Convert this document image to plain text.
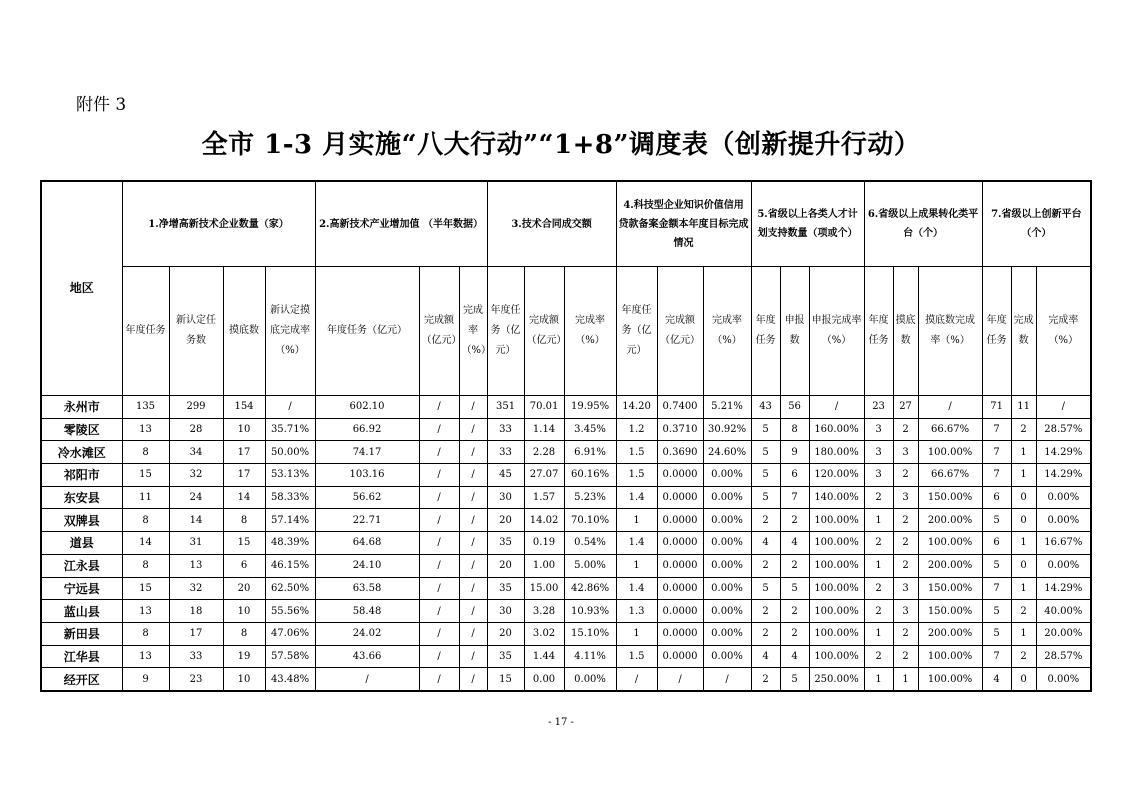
附件 3
全市 1-3 月实施“八大行动”“1+8”调度表（创新提升行动）
地区	1.净增高新技术企业数量（家）				2.高新技术产业增加值 （半年数据）			3.技术合同成交额			4.科技型企业知识价值信用贷款备案金额本年度目标完成情况			5.省级以上各类人才计划支持数量（项或个）			6.省级以上成果转化类平台（个）			7.省级以上创新平台（个）		

	年度任务	新认定任务数	摸底数	新认定摸底完成率（%）	年度任务（亿元）	完成额（亿元）	完成率（%）	年度任务（亿元）	完成额（亿元）	完成率（%）	年度任务（亿元）	完成额（亿元）	完成率（%）	年度任务	申报数	申报完成率（%）	年度任务	摸底数	摸底数完成率（%）	年度任务	完成数	完成率（%）

永州市	135	299	154	/	602.10	/	/	351	70.01	19.95%	14.20	0.7400	5.21%	43	56	/	23	27	/	71	11	/
零陵区	13	28	10	35.71%	66.92	/	/	33	1.14	3.45%	1.2	0.3710	30.92%	5	8	160.00%	3	2	66.67%	7	2	28.57%
冷水滩区	8	34	17	50.00%	74.17	/	/	33	2.28	6.91%	1.5	0.3690	24.60%	5	9	180.00%	3	3	100.00%	7	1	14.29%
祁阳市	15	32	17	53.13%	103.16	/	/	45	27.07	60.16%	1.5	0.0000	0.00%	5	6	120.00%	3	2	66.67%	7	1	14.29%
东安县	11	24	14	58.33%	56.62	/	/	30	1.57	5.23%	1.4	0.0000	0.00%	5	7	140.00%	2	3	150.00%	6	0	0.00%
双牌县	8	14	8	57.14%	22.71	/	/	20	14.02	70.10%	1	0.0000	0.00%	2	2	100.00%	1	2	200.00%	5	0	0.00%
道县	14	31	15	48.39%	64.68	/	/	35	0.19	0.54%	1.4	0.0000	0.00%	4	4	100.00%	2	2	100.00%	6	1	16.67%
江永县	8	13	6	46.15%	24.10	/	/	20	1.00	5.00%	1	0.0000	0.00%	2	2	100.00%	1	2	200.00%	5	0	0.00%
宁远县	15	32	20	62.50%	63.58	/	/	35	15.00	42.86%	1.4	0.0000	0.00%	5	5	100.00%	2	3	150.00%	7	1	14.29%
蓝山县	13	18	10	55.56%	58.48	/	/	30	3.28	10.93%	1.3	0.0000	0.00%	2	2	100.00%	2	3	150.00%	5	2	40.00%
新田县	8	17	8	47.06%	24.02	/	/	20	3.02	15.10%	1	0.0000	0.00%	2	2	100.00%	1	2	200.00%	5	1	20.00%
江华县	13	33	19	57.58%	43.66	/	/	35	1.44	4.11%	1.5	0.0000	0.00%	4	4	100.00%	2	2	100.00%	7	2	28.57%
经开区	9	23	10	43.48%	/	/	/	15	0.00	0.00%	/	/	/	2	5	250.00%	1	1	100.00%	4	0	0.00%
- 17 -
